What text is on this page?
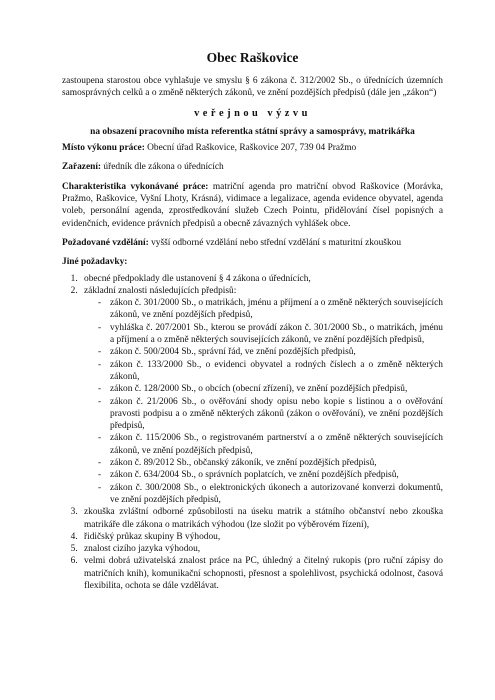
Obec Raškovice

zastoupena starostou obce vyhlašuje ve smyslu § 6 zákona č. 312/2002 Sb., o úřednících územních samosprávných celků a o změně některých zákonů, ve znění pozdějších předpisů (dále jen „zákon“)

veřejnou výzvu

na obsazení pracovního místa referentka státní správy a samosprávy, matrikářka

Místo výkonu práce: Obecní úřad Raškovice, Raškovice 207, 739 04 Pražmo

Zařazení: úředník dle zákona o úřednících

Charakteristika vykonávané práce: matriční agenda pro matriční obvod Raškovice (Morávka, Pražmo, Raškovice, Vyšní Lhoty, Krásná), vidimace a legalizace, agenda evidence obyvatel, agenda voleb, personální agenda, zprostředkování služeb Czech Pointu, přidělování čísel popisných a evidenčních, evidence právních předpisů a obecně závazných vyhlášek obce.

Požadované vzdělání: vyšší odborné vzdělání nebo střední vzdělání s maturitní zkouškou

Jiné požadavky:

1. obecné předpoklady dle ustanovení § 4 zákona o úřednících,
2. základní znalosti následujících předpisů:
- zákon č. 301/2000 Sb., o matrikách, jménu a příjmení a o změně některých souvisejících zákonů, ve znění pozdějších předpisů,
- vyhláška č. 207/2001 Sb., kterou se provádí zákon č. 301/2000 Sb., o matrikách, jménu a příjmení a o změně některých souvisejících zákonů, ve znění pozdějších předpisů,
- zákon č. 500/2004 Sb., správní řád, ve znění pozdějších předpisů,
- zákon č. 133/2000 Sb., o evidenci obyvatel a rodných číslech a o změně některých zákonů,
- zákon č. 128/2000 Sb., o obcích (obecní zřízení), ve znění pozdějších předpisů,
- zákon č. 21/2006 Sb., o ověřování shody opisu nebo kopie s listinou a o ověřování pravosti podpisu a o změně některých zákonů (zákon o ověřování), ve znění pozdějších předpisů,
- zákon č. 115/2006 Sb., o registrovaném partnerství a o změně některých souvisejících zákonů, ve znění pozdějších předpisů,
- zákon č. 89/2012 Sb., občanský zákoník, ve znění pozdějších předpisů,
- zákon č. 634/2004 Sb., o správních poplatcích, ve znění pozdějších předpisů,
- zákon č. 300/2008 Sb., o elektronických úkonech a autorizované konverzi dokumentů, ve znění pozdějších předpisů,
3. zkouška zvláštní odborné způsobilosti na úseku matrik a státního občanství nebo zkouška matrikáře dle zákona o matrikách výhodou (lze složit po výběrovém řízení),
4. řidičský průkaz skupiny B výhodou,
5. znalost cizího jazyka výhodou,
6. velmi dobrá uživatelská znalost práce na PC, úhledný a čitelný rukopis (pro ruční zápisy do matričních knih), komunikační schopnosti, přesnost a spolehlivost, psychická odolnost, časová flexibilita, ochota se dále vzdělávat.
